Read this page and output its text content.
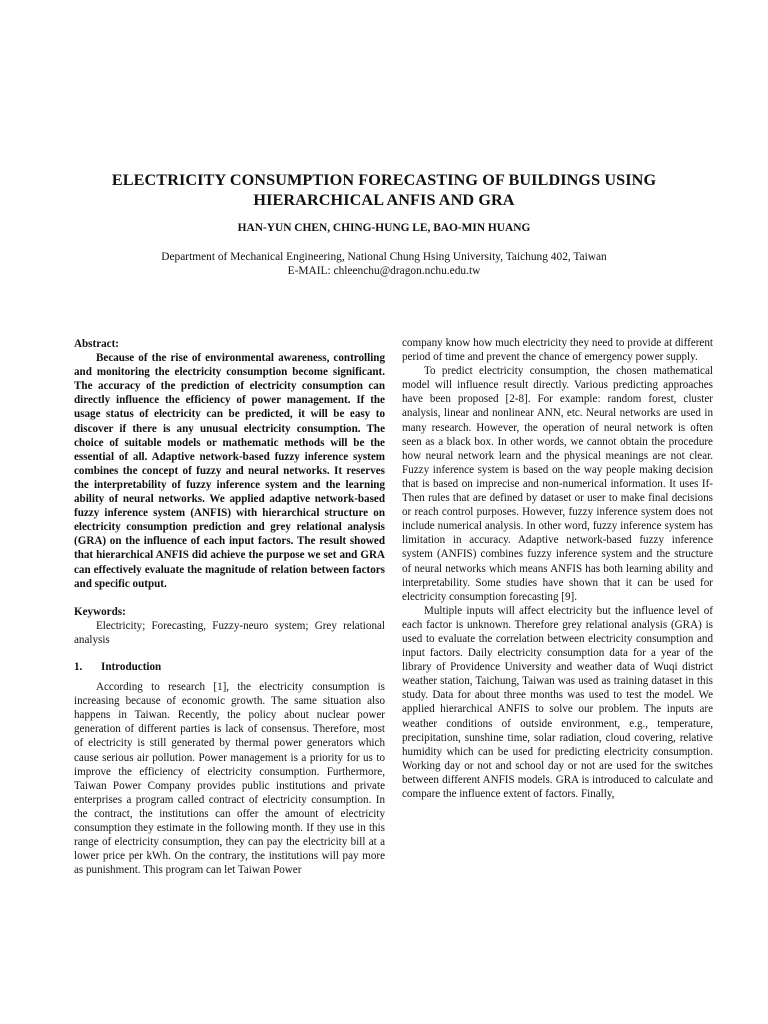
ELECTRICITY CONSUMPTION FORECASTING OF BUILDINGS USING
HIERARCHICAL ANFIS AND GRA
HAN-YUN CHEN, CHING-HUNG LE, BAO-MIN HUANG
Department of Mechanical Engineering, National Chung Hsing University, Taichung 402, Taiwan
E-MAIL: chleenchu@dragon.nchu.edu.tw

Abstract:

Because of the rise of environmental awareness, controlling and monitoring the electricity consumption become significant. The accuracy of the prediction of electricity consumption can directly influence the efficiency of power management. If the usage status of electricity can be predicted, it will be easy to discover if there is any unusual electricity consumption. The choice of suitable models or mathematic methods will be the essential of all. Adaptive network-based fuzzy inference system combines the concept of fuzzy and neural networks. It reserves the interpretability of fuzzy inference system and the learning ability of neural networks. We applied adaptive network-based fuzzy inference system (ANFIS) with hierarchical structure on electricity consumption prediction and grey relational analysis (GRA) on the influence of each input factors. The result showed that hierarchical ANFIS did achieve the purpose we set and GRA can effectively evaluate the magnitude of relation between factors and specific output.

Keywords:

Electricity; Forecasting, Fuzzy-neuro system; Grey relational analysis

1. Introduction

According to research [1], the electricity consumption is increasing because of economic growth. The same situation also happens in Taiwan. Recently, the policy about nuclear power generation of different parties is lack of consensus. Therefore, most of electricity is still generated by thermal power generators which cause serious air pollution. Power management is a priority for us to improve the efficiency of electricity consumption. Furthermore, Taiwan Power Company provides public institutions and private enterprises a program called contract of electricity consumption. In the contract, the institutions can offer the amount of electricity consumption they estimate in the following month. If they use in this range of electricity consumption, they can pay the electricity bill at a lower price per kWh. On the contrary, the institutions will pay more as punishment. This program can let Taiwan Power

company know how much electricity they need to provide at different period of time and prevent the chance of emergency power supply.

To predict electricity consumption, the chosen mathematical model will influence result directly. Various predicting approaches have been proposed [2-8]. For example: random forest, cluster analysis, linear and nonlinear ANN, etc. Neural networks are used in many research. However, the operation of neural network is often seen as a black box. In other words, we cannot obtain the procedure how neural network learn and the physical meanings are not clear. Fuzzy inference system is based on the way people making decision that is based on imprecise and non-numerical information. It uses If-Then rules that are defined by dataset or user to make final decisions or reach control purposes. However, fuzzy inference system does not include numerical analysis. In other word, fuzzy inference system has limitation in accuracy. Adaptive network-based fuzzy inference system (ANFIS) combines fuzzy inference system and the structure of neural networks which means ANFIS has both learning ability and interpretability. Some studies have shown that it can be used for electricity consumption forecasting [9].

Multiple inputs will affect electricity but the influence level of each factor is unknown. Therefore grey relational analysis (GRA) is used to evaluate the correlation between electricity consumption and input factors. Daily electricity consumption data for a year of the library of Providence University and weather data of Wuqi district weather station, Taichung, Taiwan was used as training dataset in this study. Data for about three months was used to test the model. We applied hierarchical ANFIS to solve our problem. The inputs are weather conditions of outside environment, e.g., temperature, precipitation, sunshine time, solar radiation, cloud covering, relative humidity which can be used for predicting electricity consumption. Working day or not and school day or not are used for the switches between different ANFIS models. GRA is introduced to calculate and compare the influence extent of factors. Finally,
